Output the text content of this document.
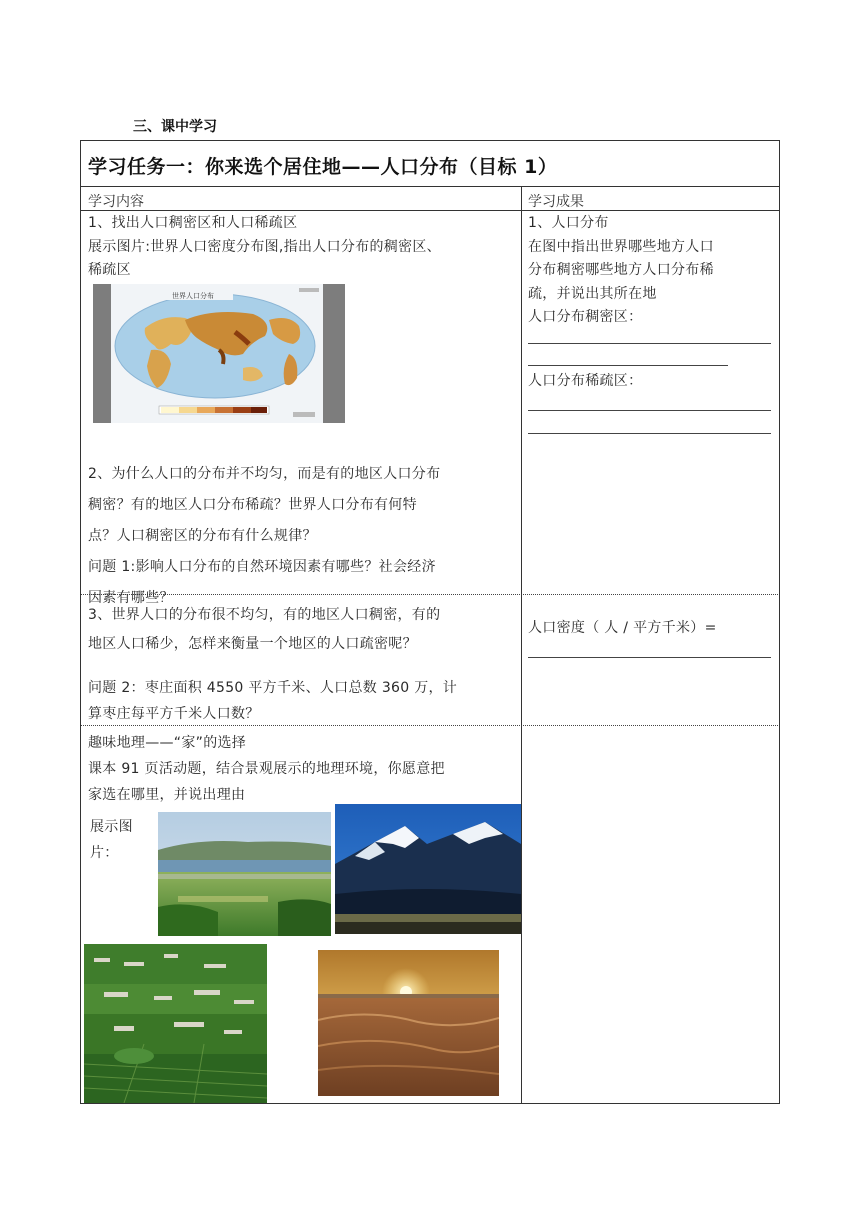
三、课中学习
学习任务一：你来选个居住地——人口分布（目标 1）
学习内容	学习成果
1、找出人口稠密区和人口稀疏区
展示图片:世界人口密度分布图,指出人口分布的稠密区、
稀疏区
世界人口分布
2、为什么人口的分布并不均匀，而是有的地区人口分布
稠密？有的地区人口分布稀疏？世界人口分布有何特
点？人口稠密区的分布有什么规律？
问题 1:影响人口分布的自然环境因素有哪些？社会经济
因素有哪些？
1、人口分布
在图中指出世界哪些地方人口
分布稠密哪些地方人口分布稀
疏，并说出其所在地
人口分布稠密区：
人口分布稀疏区：
3、世界人口的分布很不均匀，有的地区人口稠密，有的
地区人口稀少，怎样来衡量一个地区的人口疏密呢？
问题 2：枣庄面积 4550 平方千米、人口总数 360 万，计
算枣庄每平方千米人口数？
人口密度（ 人 / 平方千米）=
趣味地理——“家”的选择
课本 91 页活动题，结合景观展示的地理环境，你愿意把
家选在哪里，并说出理由
展示图
片：
